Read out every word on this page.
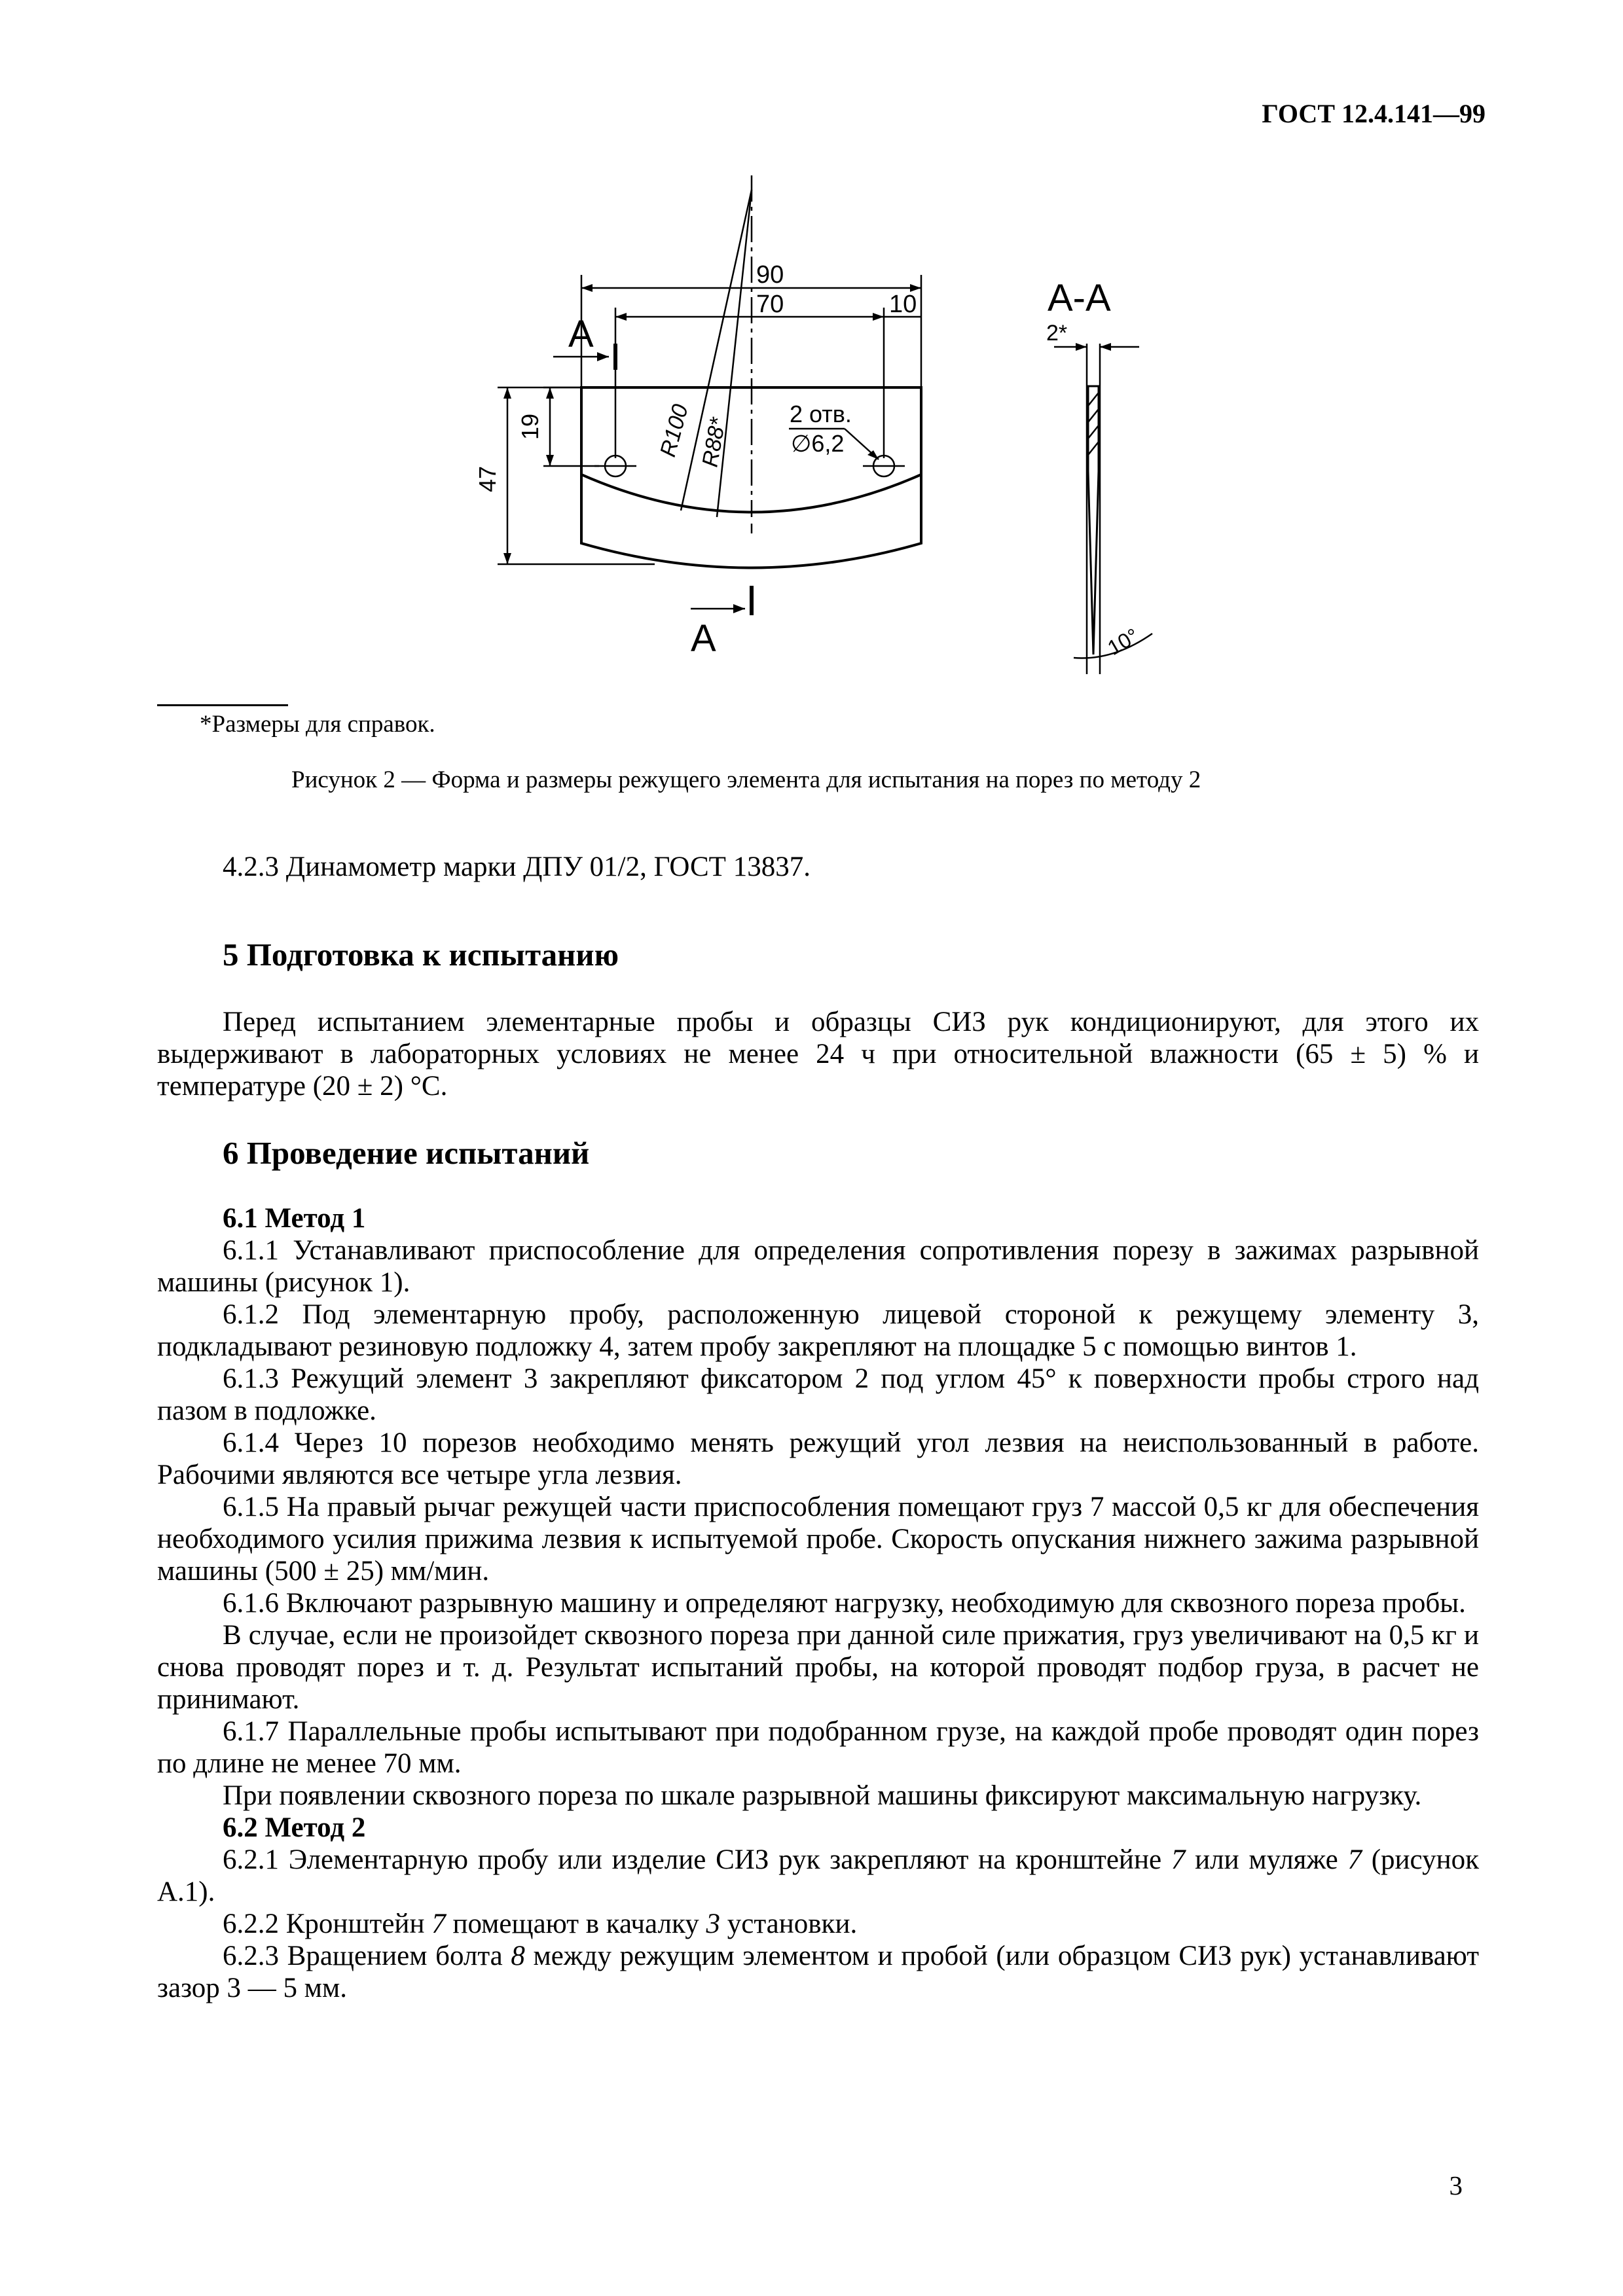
ГОСТ 12.4.141—99
90
70	10
A
A
A-A
2*
2 отв.
∅6,2
19
47
R100 R88*
10°
*Размеры для справок.
Рисунок 2 — Форма и размеры режущего элемента для испытания на порез по методу 2

4.2.3 Динамометр марки ДПУ 01/2, ГОСТ 13837.

5 Подготовка к испытанию

Перед испытанием элементарные пробы и образцы СИЗ рук кондиционируют, для этого их выдерживают в лабораторных условиях не менее 24 ч при относительной влажности (65 ± 5) % и температуре (20 ± 2) °С.

6 Проведение испытаний

6.1 Метод 1

6.1.1 Устанавливают приспособление для определения сопротивления порезу в зажимах разрывной машины (рисунок 1).

6.1.2 Под элементарную пробу, расположенную лицевой стороной к режущему элементу 3, подкладывают резиновую подложку 4, затем пробу закрепляют на площадке 5 с помощью винтов 1.

6.1.3 Режущий элемент 3 закрепляют фиксатором 2 под углом 45° к поверхности пробы строго над пазом в подложке.

6.1.4 Через 10 порезов необходимо менять режущий угол лезвия на неиспользованный в работе. Рабочими являются все четыре угла лезвия.

6.1.5 На правый рычаг режущей части приспособления помещают груз 7 массой 0,5 кг для обеспечения необходимого усилия прижима лезвия к испытуемой пробе. Скорость опускания нижнего зажима разрывной машины (500 ± 25) мм/мин.

6.1.6 Включают разрывную машину и определяют нагрузку, необходимую для сквозного пореза пробы.

В случае, если не произойдет сквозного пореза при данной силе прижатия, груз увеличивают на 0,5 кг и снова проводят порез и т. д. Результат испытаний пробы, на которой проводят подбор груза, в расчет не принимают.

6.1.7 Параллельные пробы испытывают при подобранном грузе, на каждой пробе проводят один порез по длине не менее 70 мм.

При появлении сквозного пореза по шкале разрывной машины фиксируют максимальную нагрузку.

6.2 Метод 2

6.2.1 Элементарную пробу или изделие СИЗ рук закрепляют на кронштейне 7 или муляже 7 (рисунок А.1).

6.2.2 Кронштейн 7 помещают в качалку 3 установки.

6.2.3 Вращением болта 8 между режущим элементом и пробой (или образцом СИЗ рук) устанавливают зазор 3 — 5 мм.

3
